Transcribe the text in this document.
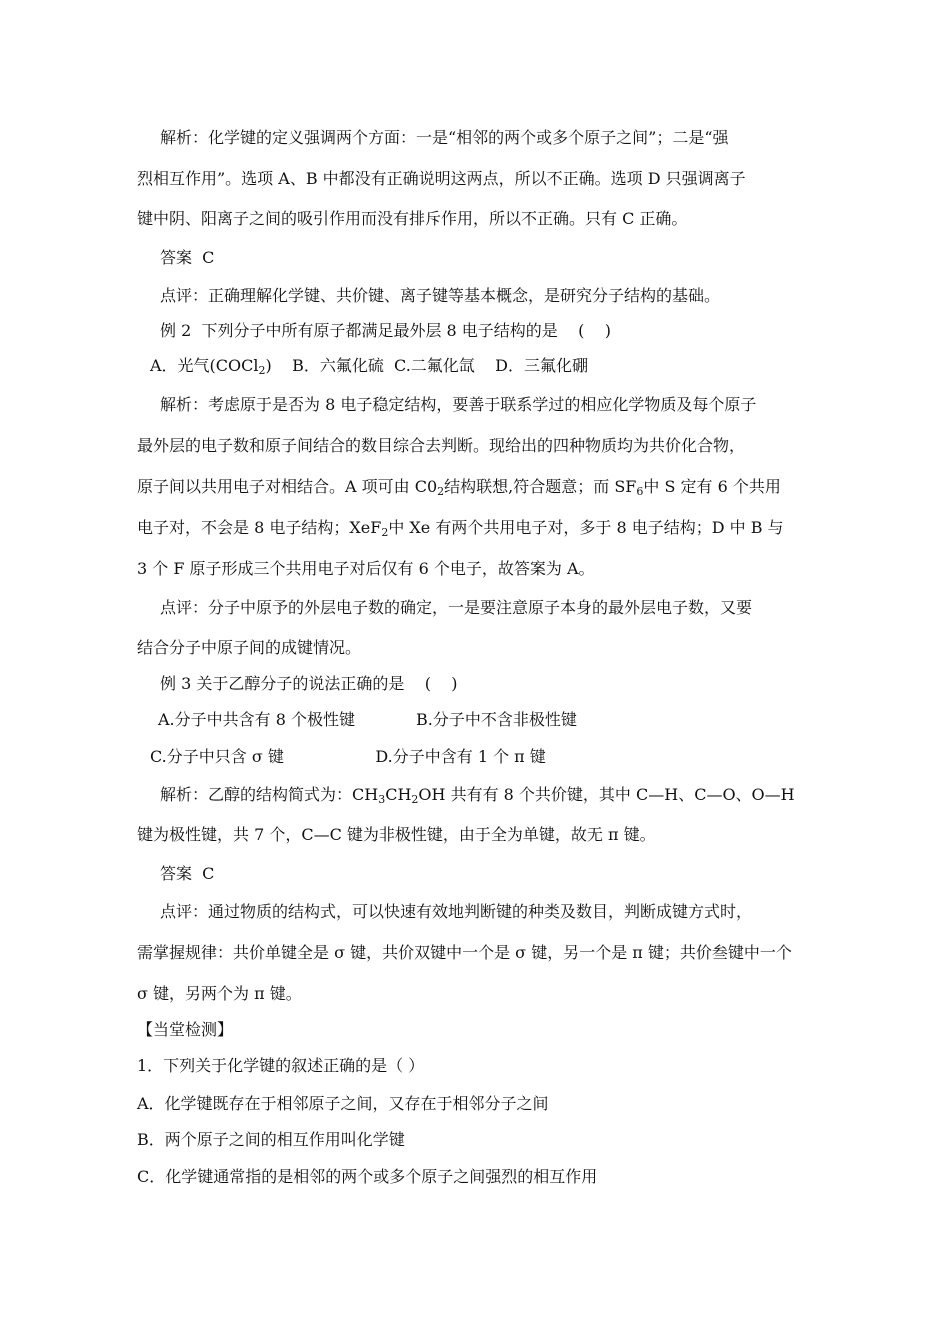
解析：化学键的定义强调两个方面：一是“相邻的两个或多个原子之间”；二是“强
烈相互作用”。选项 A、B 中都没有正确说明这两点，所以不正确。选项 D 只强调离子
键中阴、阳离子之间的吸引作用而没有排斥作用，所以不正确。只有 C 正确。
答案  C
点评：正确理解化学键、共价键、离子键等基本概念，是研究分子结构的基础。
例 2  下列分子中所有原子都满足最外层 8 电子结构的是    (    )
A．光气(COCl$_2$)    B．六氟化硫  C.二氟化氙    D．三氟化硼
解析：考虑原于是否为 8 电子稳定结构，要善于联系学过的相应化学物质及每个原子
最外层的电子数和原子间结合的数目综合去判断。现给出的四种物质均为共价化合物，
原子间以共用电子对相结合。A 项可由 $C0_2$结构联想,符合题意；而 $SF_6$中 S 定有 6 个共用
电子对，不会是 8 电子结构；XeF$_2$中 Xe 有两个共用电子对，多于 8 电子结构；D 中 B 与
3 个 F 原子形成三个共用电子对后仅有 6 个电子，故答案为 A。
点评：分子中原予的外层电子数的确定，一是要注意原子本身的最外层电子数，又要
结合分子中原子间的成键情况。
例 3 关于乙醇分子的说法正确的是    (    )
A.分子中共含有 8 个极性键            B.分子中不含非极性键
C.分子中只含 σ 键                  D.分子中含有 1 个 π 键
解析：乙醇的结构简式为：$CH_3CH_2OH$ 共有有 8 个共价键，其中 C—H、C—O、O—H
键为极性键，共 7 个，C—C 键为非极性键，由于全为单键，故无 π 键。
答案  C
点评：通过物质的结构式，可以快速有效地判断键的种类及数目，判断成键方式时，
需掌握规律：共价单键全是 σ 键，共价双键中一个是 σ 键，另一个是 π 键；共价叁键中一个
σ 键，另两个为 π 键。
【当堂检测】
1．下列关于化学键的叙述正确的是（ ）
A．化学键既存在于相邻原子之间，又存在于相邻分子之间
B．两个原子之间的相互作用叫化学键
C．化学键通常指的是相邻的两个或多个原子之间强烈的相互作用
